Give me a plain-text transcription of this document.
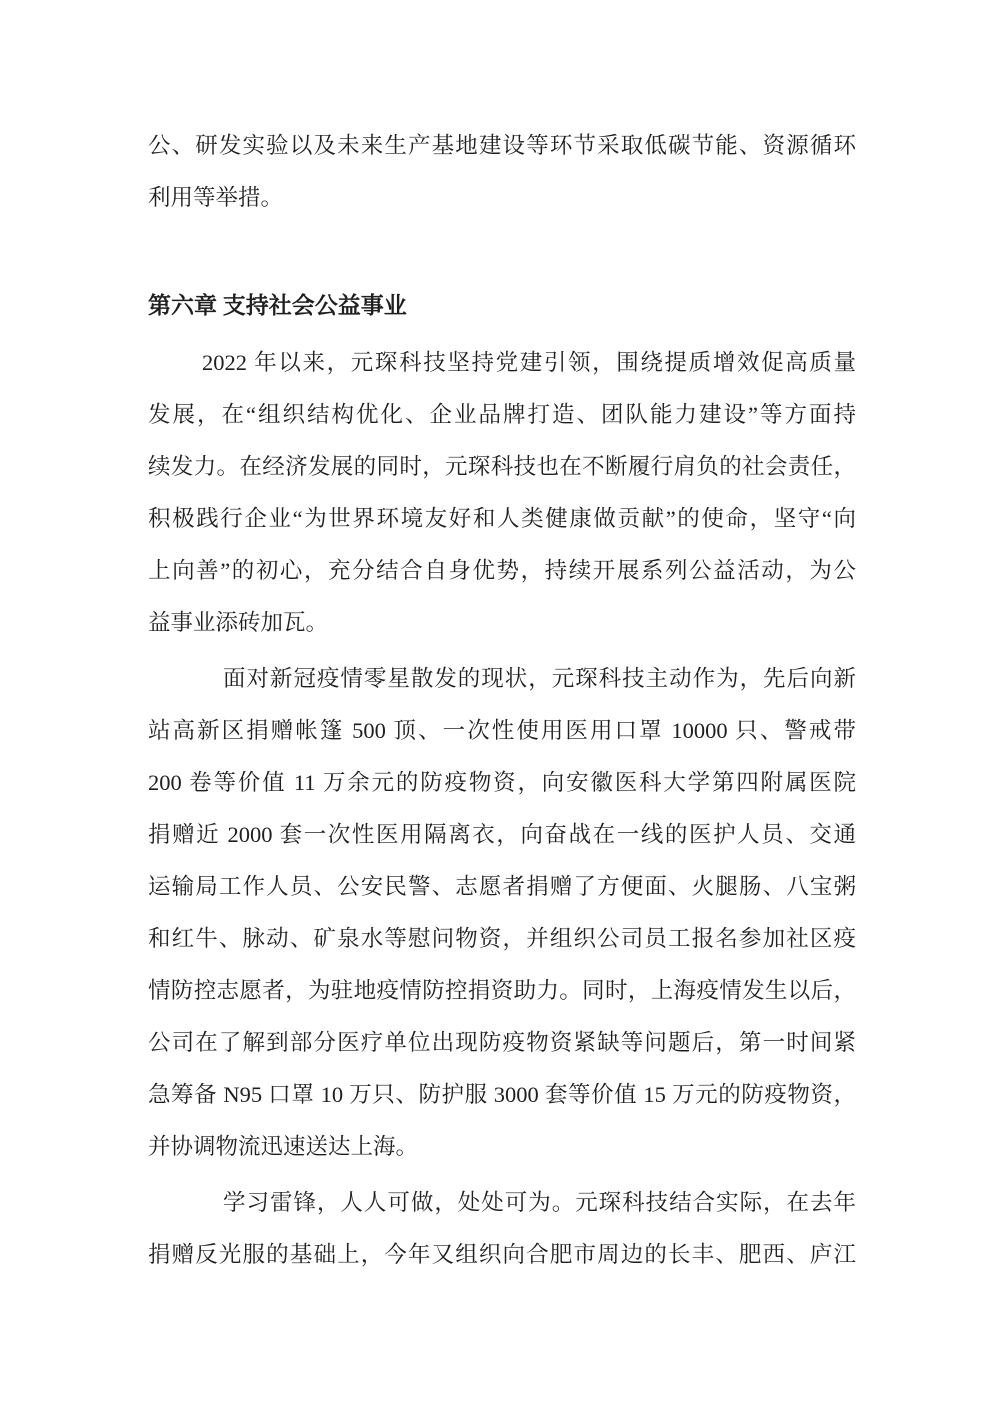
公、研发实验以及未来生产基地建设等环节采取低碳节能、资源循环
利用等举措。
第六章 支持社会公益事业
2022 年以来，元琛科技坚持党建引领，围绕提质增效促高质量
发展，在“组织结构优化、企业品牌打造、团队能力建设”等方面持
续发力。在经济发展的同时，元琛科技也在不断履行肩负的社会责任，
积极践行企业“为世界环境友好和人类健康做贡献”的使命，坚守“向
上向善”的初心，充分结合自身优势，持续开展系列公益活动，为公
益事业添砖加瓦。
面对新冠疫情零星散发的现状，元琛科技主动作为，先后向新
站高新区捐赠帐篷 500 顶、一次性使用医用口罩 10000 只、警戒带
200 卷等价值 11 万余元的防疫物资，向安徽医科大学第四附属医院
捐赠近 2000 套一次性医用隔离衣，向奋战在一线的医护人员、交通
运输局工作人员、公安民警、志愿者捐赠了方便面、火腿肠、八宝粥
和红牛、脉动、矿泉水等慰问物资，并组织公司员工报名参加社区疫
情防控志愿者，为驻地疫情防控捐资助力。同时，上海疫情发生以后，
公司在了解到部分医疗单位出现防疫物资紧缺等问题后，第一时间紧
急筹备 N95 口罩 10 万只、防护服 3000 套等价值 15 万元的防疫物资，
并协调物流迅速送达上海。
学习雷锋，人人可做，处处可为。元琛科技结合实际，在去年
捐赠反光服的基础上，今年又组织向合肥市周边的长丰、肥西、庐江
